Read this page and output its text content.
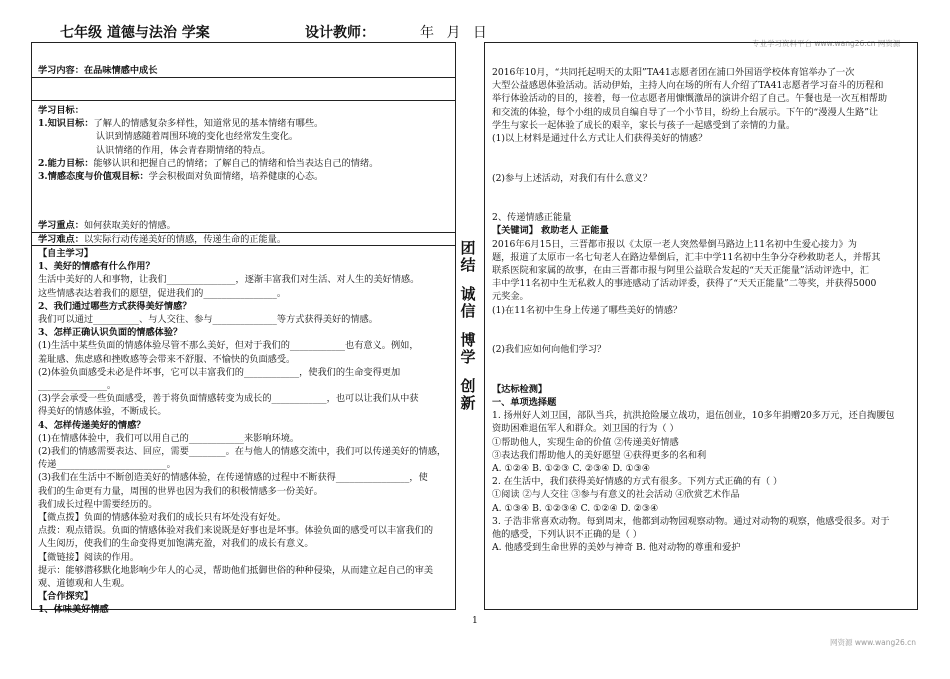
专业学习资料平台 www.wang26.cn 网资源
网资源 www.wang26.cn
七年级 道德与法治 学案	设计教师：	年 月 日
学习内容：在品味情感中成长
学习目标：
1.知识目标：了解人的情感复杂多样性，知道常见的基本情绪有哪些。
认识到情感随着周围环境的变化也经常发生变化。
认识情绪的作用，体会青春期情绪的特点。
2.能力目标：能够认识和把握自己的情绪；了解自己的情绪和恰当表达自己的情绪。
3.情感态度与价值观目标：学会积极面对负面情绪，培养健康的心态。
学习重点：如何获取美好的情感。
学习难点：以实际行动传递美好的情感，传递生命的正能量。
【自主学习】
1、美好的情感有什么作用？
生活中美好的人和事物，让我们_______________，逐渐丰富我们对生活、对人生的美好情感。
这些情感表达着我们的愿望，促进我们的________________。
2、我们通过哪些方式获得美好情感？
我们可以通过__________、与人交往、参与______________等方式获得美好的情感。
3、怎样正确认识负面的情感体验？
(1)生活中某些负面的情感体验尽管不那么美好，但对于我们的____________也有意义。例如，
羞耻感、焦虑感和挫败感等会带来不舒服、不愉快的负面感受。
(2)体验负面感受未必是件坏事，它可以丰富我们的____________，使我们的生命变得更加
_______________。
(3)学会承受一些负面感受，善于将负面情感转变为成长的____________，也可以让我们从中获
得美好的情感体验，不断成长。
4、怎样传递美好的情感？
(1)在情感体验中，我们可以用自己的____________来影响环境。
(2)我们的情感需要表达、回应，需要________。在与他人的情感交流中，我们可以传递美好的情感，
传递________________________。
(3)我们在生活中不断创造美好的情感体验，在传递情感的过程中不断获得________________，使
我们的生命更有力量，周围的世界也因为我们的积极情感多一份美好。
我们成长过程中需要经历的。
【微点拨】负面的情感体验对我们的成长只有坏处没有好处。
点拨：观点错误。负面的情感体验对我们来说既是好事也是坏事。体验负面的感受可以丰富我们的
人生阅历，使我们的生命变得更加饱满充盈，对我们的成长有意义。
【微链接】阅读的作用。
提示：能够潜移默化地影响少年人的心灵，帮助他们抵御世俗的种种侵染，从而建立起自己的审美
观、道德观和人生观。
【合作探究】
1、体味美好情感
团
结
诚
信
博
学
创
新
2016年10月，“共同托起明天的太阳”TA41志愿者团在浦口外国语学校体育馆举办了一次
大型公益感恩体验活动。活动伊始，主持人向在场的所有人介绍了TA41志愿者学习奋斗的历程和
举行体验活动的目的，接着，每一位志愿者用慷慨激昂的演讲介绍了自己。午餐也是一次互相帮助
和交流的体验，每个小组的成员自编自导了一个小节目，纷纷上台展示。下午的“漫漫人生路”让
学生与家长一起体验了成长的艰辛，家长与孩子一起感受到了亲情的力量。
(1)以上材料是通过什么方式让人们获得美好的情感？
(2)参与上述活动，对我们有什么意义？
2、传递情感正能量
【关键词】 救助老人 正能量
2016年6月15日，三晋都市报以《太原一老人突然晕倒马路边上11名初中生爱心接力》为
题，报道了太原市一名七旬老人在路边晕倒后，汇丰中学11名初中生争分夺秒救助老人，并帮其
联系医院和家属的故事，在由三晋都市报与阿里公益联合发起的“天天正能量”活动评选中，汇
丰中学11名初中生无私救人的事迹感动了活动评委，获得了“天天正能量”二等奖，并获得5000
元奖金。
(1)在11名初中生身上传递了哪些美好的情感？
(2)我们应如何向他们学习？
【达标检测】
一、单项选择题
1. 扬州好人刘卫国，部队当兵，抗洪抢险屡立战功，退伍创业，10多年捐赠20多万元，还自掏腰包
资助困难退伍军人和群众。刘卫国的行为（ ）
①帮助他人，实现生命的价值 ②传递美好情感
③表达我们帮助他人的美好愿望 ④获得更多的名和利
A. ①②④ B. ①②③ C. ②③④ D. ①③④
2. 在生活中，我们获得美好情感的方式有很多。下列方式正确的有（ ）
①阅读 ②与人交往 ③参与有意义的社会活动 ④欣赏艺术作品
A. ①③④ B. ①②③④ C. ①②④ D. ②③④
3. 子浩非常喜欢动物。每到周末，他都到动物园观察动物。通过对动物的观察，他感受很多。对于
他的感受，下列认识不正确的是（ ）
A. 他感受到生命世界的美妙与神奇 B. 他对动物的尊重和爱护
1
